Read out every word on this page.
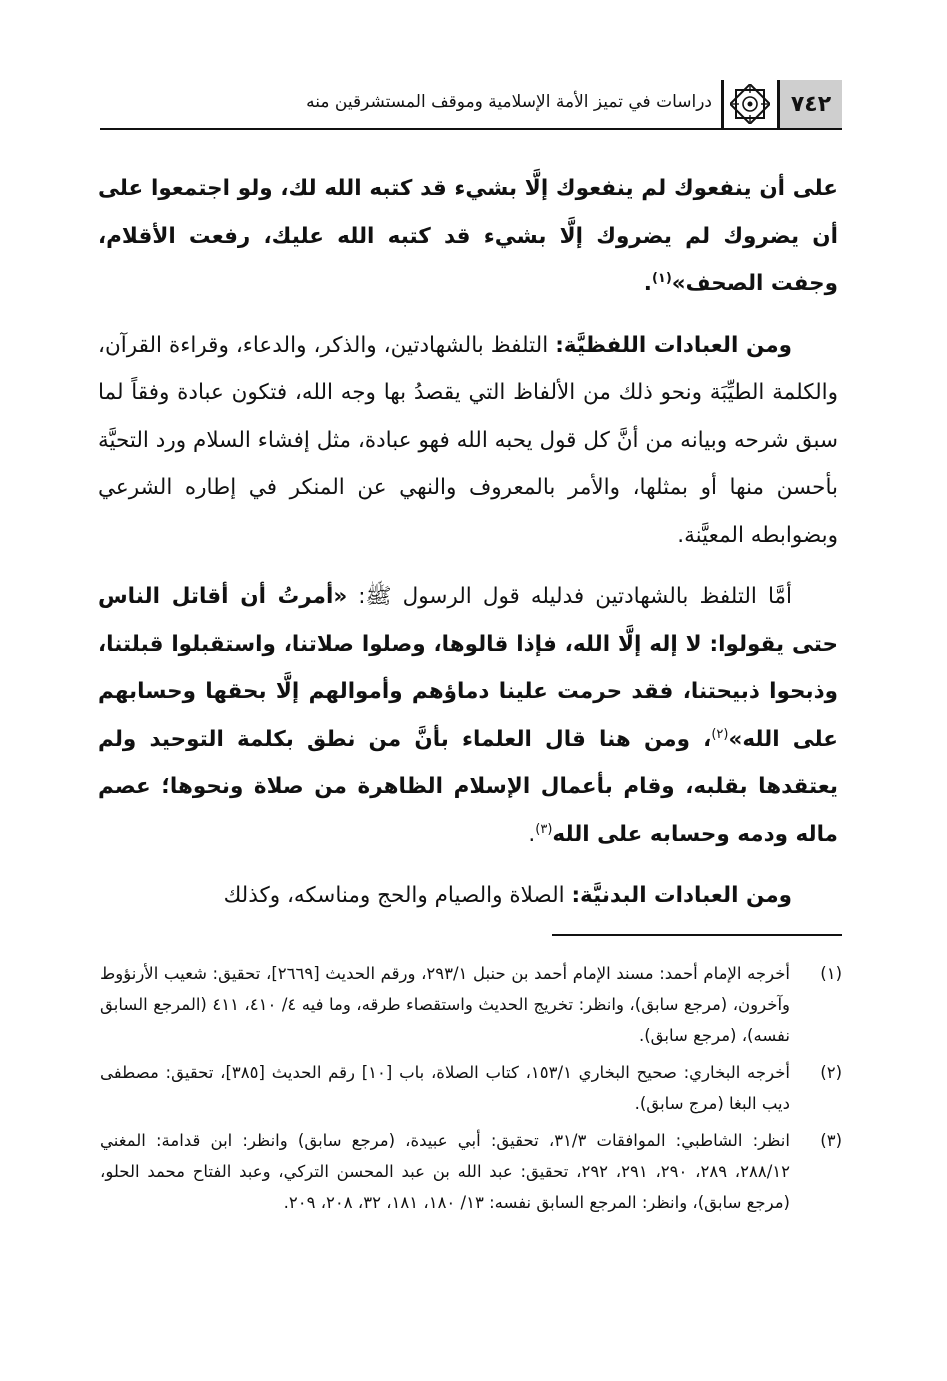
٧٤٢
دراسات في تميز الأمة الإسلامية وموقف المستشرقين منه

على أن ينفعوك لم ينفعوك إلَّا بشيء قد كتبه الله لك، ولو اجتمعوا على أن يضروك لم يضروك إلَّا بشيء قد كتبه الله عليك، رفعت الأقلام، وجفت الصحف»$^{(١)}$.

ومن العبادات اللفظيَّة: التلفظ بالشهادتين، والذكر، والدعاء، وقراءة القرآن، والكلمة الطيِّبَة ونحو ذلك من الألفاظ التي يقصدُ بها وجه الله، فتكون عبادة وفقاً لما سبق شرحه وبيانه من أنَّ كل قول يحبه الله فهو عبادة، مثل إفشاء السلام ورد التحيَّة بأحسن منها أو بمثلها، والأمر بالمعروف والنهي عن المنكر في إطاره الشرعي وبضوابطه المعيَّنة.

أمَّا التلفظ بالشهادتين فدليله قول الرسول ﷺ: «أمرتُ أن أقاتل الناس حتى يقولوا: لا إله إلَّا الله، فإذا قالوها، وصلوا صلاتنا، واستقبلوا قبلتنا، وذبحوا ذبيحتنا، فقد حرمت علينا دماؤهم وأموالهم إلَّا بحقها وحسابهم على الله»$^{(٢)}$، ومن هنا قال العلماء بأنَّ من نطق بكلمة التوحيد ولم يعتقدها بقلبه، وقام بأعمال الإسلام الظاهرة من صلاة ونحوها؛ عصم ماله ودمه وحسابه على الله$^{(٣)}$.

ومن العبادات البدنيَّة: الصلاة والصيام والحج ومناسكه، وكذلك

(١)
أخرجه الإمام أحمد: مسند الإمام أحمد بن حنبل ٢٩٣/١، ورقم الحديث [٢٦٦٩]، تحقيق: شعيب الأرنؤوط وآخرون، (مرجع سابق)، وانظر: تخريج الحديث واستقصاء طرقه، وما فيه ٤/ ٤١٠، ٤١١ (المرجع السابق نفسه)، (مرجع سابق).
(٢)
أخرجه البخاري: صحيح البخاري ١٥٣/١، كتاب الصلاة، باب [١٠] رقم الحديث [٣٨٥]، تحقيق: مصطفى ديب البغا (مرج سابق).
(٣)
انظر: الشاطبي: الموافقات ٣١/٣، تحقيق: أبي عبيدة، (مرجع سابق) وانظر: ابن قدامة: المغني ٢٨٨/١٢، ٢٨٩، ٢٩٠، ٢٩١، ٢٩٢، تحقيق: عبد الله بن عبد المحسن التركي، وعبد الفتاح محمد الحلو، (مرجع سابق)، وانظر: المرجع السابق نفسه: ١٣/ ١٨٠، ١٨١، ٣٢، ٢٠٨، ٢٠٩.
